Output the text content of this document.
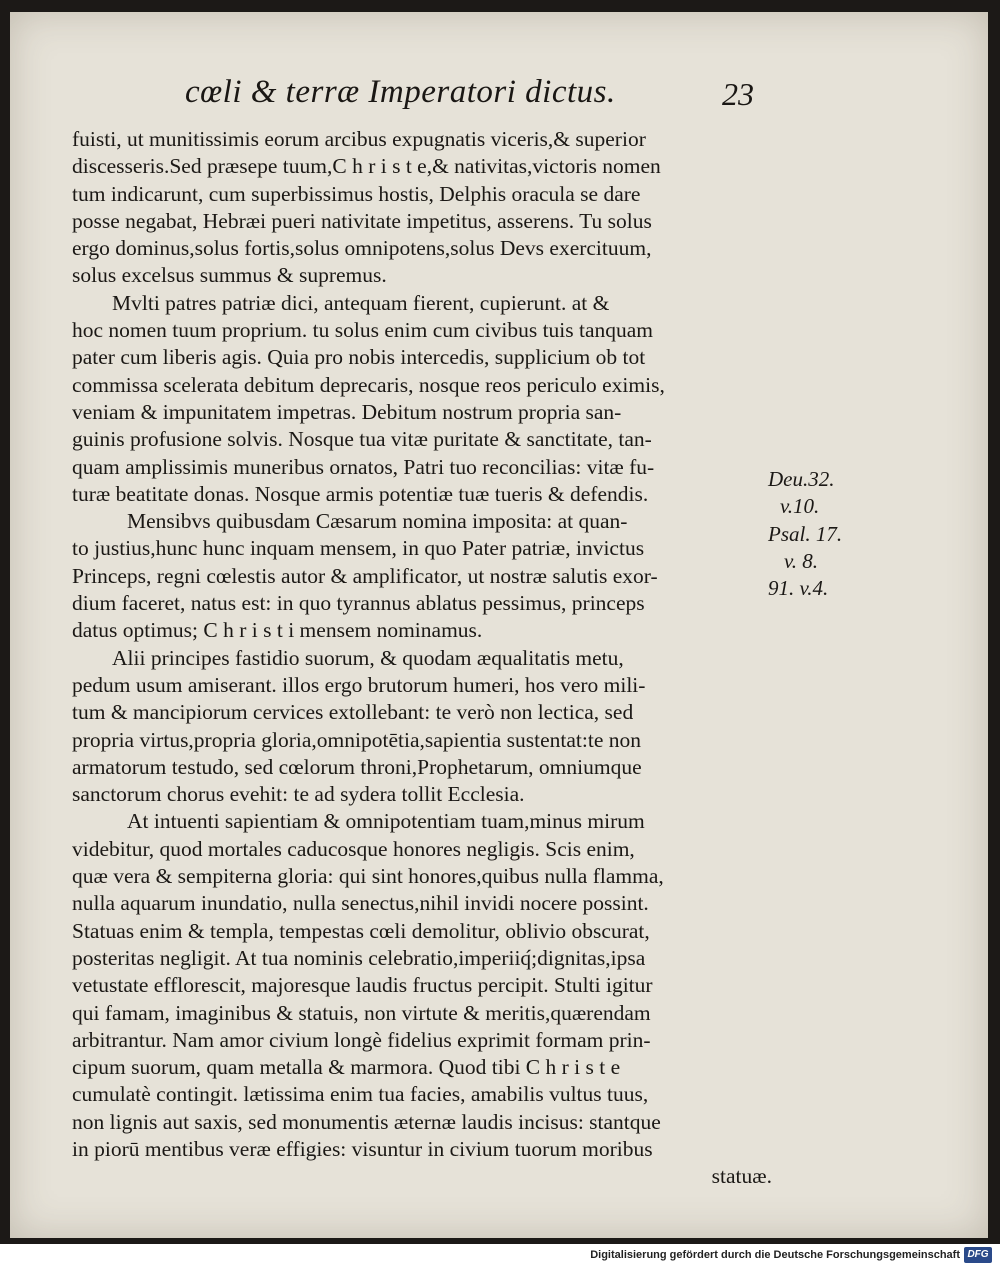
cœli & terræ Imperatori dictus.	23
fuisti, ut munitissimis eorum arcibus expugnatis viceris,& superior
discesseris.Sed præsepe tuum,C h r i s t e,& nativitas,victoris nomen
tum indicarunt, cum superbissimus hostis, Delphis oracula se dare
posse negabat, Hebræi pueri nativitate impetitus, asserens. Tu solus
ergo dominus,solus fortis,solus omnipotens,solus Devs exercituum,
solus excelsus summus & supremus.
Mvlti patres patriæ dici, antequam fierent, cupierunt. at &
hoc nomen tuum proprium. tu solus enim cum civibus tuis tanquam
pater cum liberis agis. Quia pro nobis intercedis, supplicium ob tot
commissa scelerata debitum deprecaris, nosque reos periculo eximis,
veniam & impunitatem impetras. Debitum nostrum propria san-
guinis profusione solvis. Nosque tua vitæ puritate & sanctitate, tan-
quam amplissimis muneribus ornatos, Patri tuo reconcilias: vitæ fu-
turæ beatitate donas. Nosque armis potentiæ tuæ tueris & defendis.
Mensibvs quibusdam Cæsarum nomina imposita: at quan-
to justius,hunc hunc inquam mensem, in quo Pater patriæ, invictus
Princeps, regni cœlestis autor & amplificator, ut nostræ salutis exor-
dium faceret, natus est: in quo tyrannus ablatus pessimus, princeps
datus optimus; C h r i s t i mensem nominamus.
Alii principes fastidio suorum, & quodam æqualitatis metu,
pedum usum amiserant. illos ergo brutorum humeri, hos vero mili-
tum & mancipiorum cervices extollebant: te verò non lectica, sed
propria virtus,propria gloria,omnipotētia,sapientia sustentat:te non
armatorum testudo, sed cœlorum throni,Prophetarum, omniumque
sanctorum chorus evehit: te ad sydera tollit Ecclesia.
At intuenti sapientiam & omnipotentiam tuam,minus mirum
videbitur, quod mortales caducosque honores negligis. Scis enim,
quæ vera & sempiterna gloria: qui sint honores,quibus nulla flamma,
nulla aquarum inundatio, nulla senectus,nihil invidi nocere possint.
Statuas enim & templa, tempestas cœli demolitur, oblivio obscurat,
posteritas negligit. At tua nominis celebratio,imperiiq́;dignitas,ipsa
vetustate efflorescit, majoresque laudis fructus percipit. Stulti igitur
qui famam, imaginibus & statuis, non virtute & meritis,quærendam
arbitrantur. Nam amor civium longè fidelius exprimit formam prin-
cipum suorum, quam metalla & marmora. Quod tibi C h r i s t e
cumulatè contingit. lætissima enim tua facies, amabilis vultus tuus,
non lignis aut saxis, sed monumentis æternæ laudis incisus: stantque
in piorū mentibus veræ effigies: visuntur in civium tuorum moribus
statuæ.
Deu.32.
v.10.
Psal. 17.
v. 8.
91. v.4.
Digitalisierung gefördert durch die Deutsche Forschungsgemeinschaft DFG
